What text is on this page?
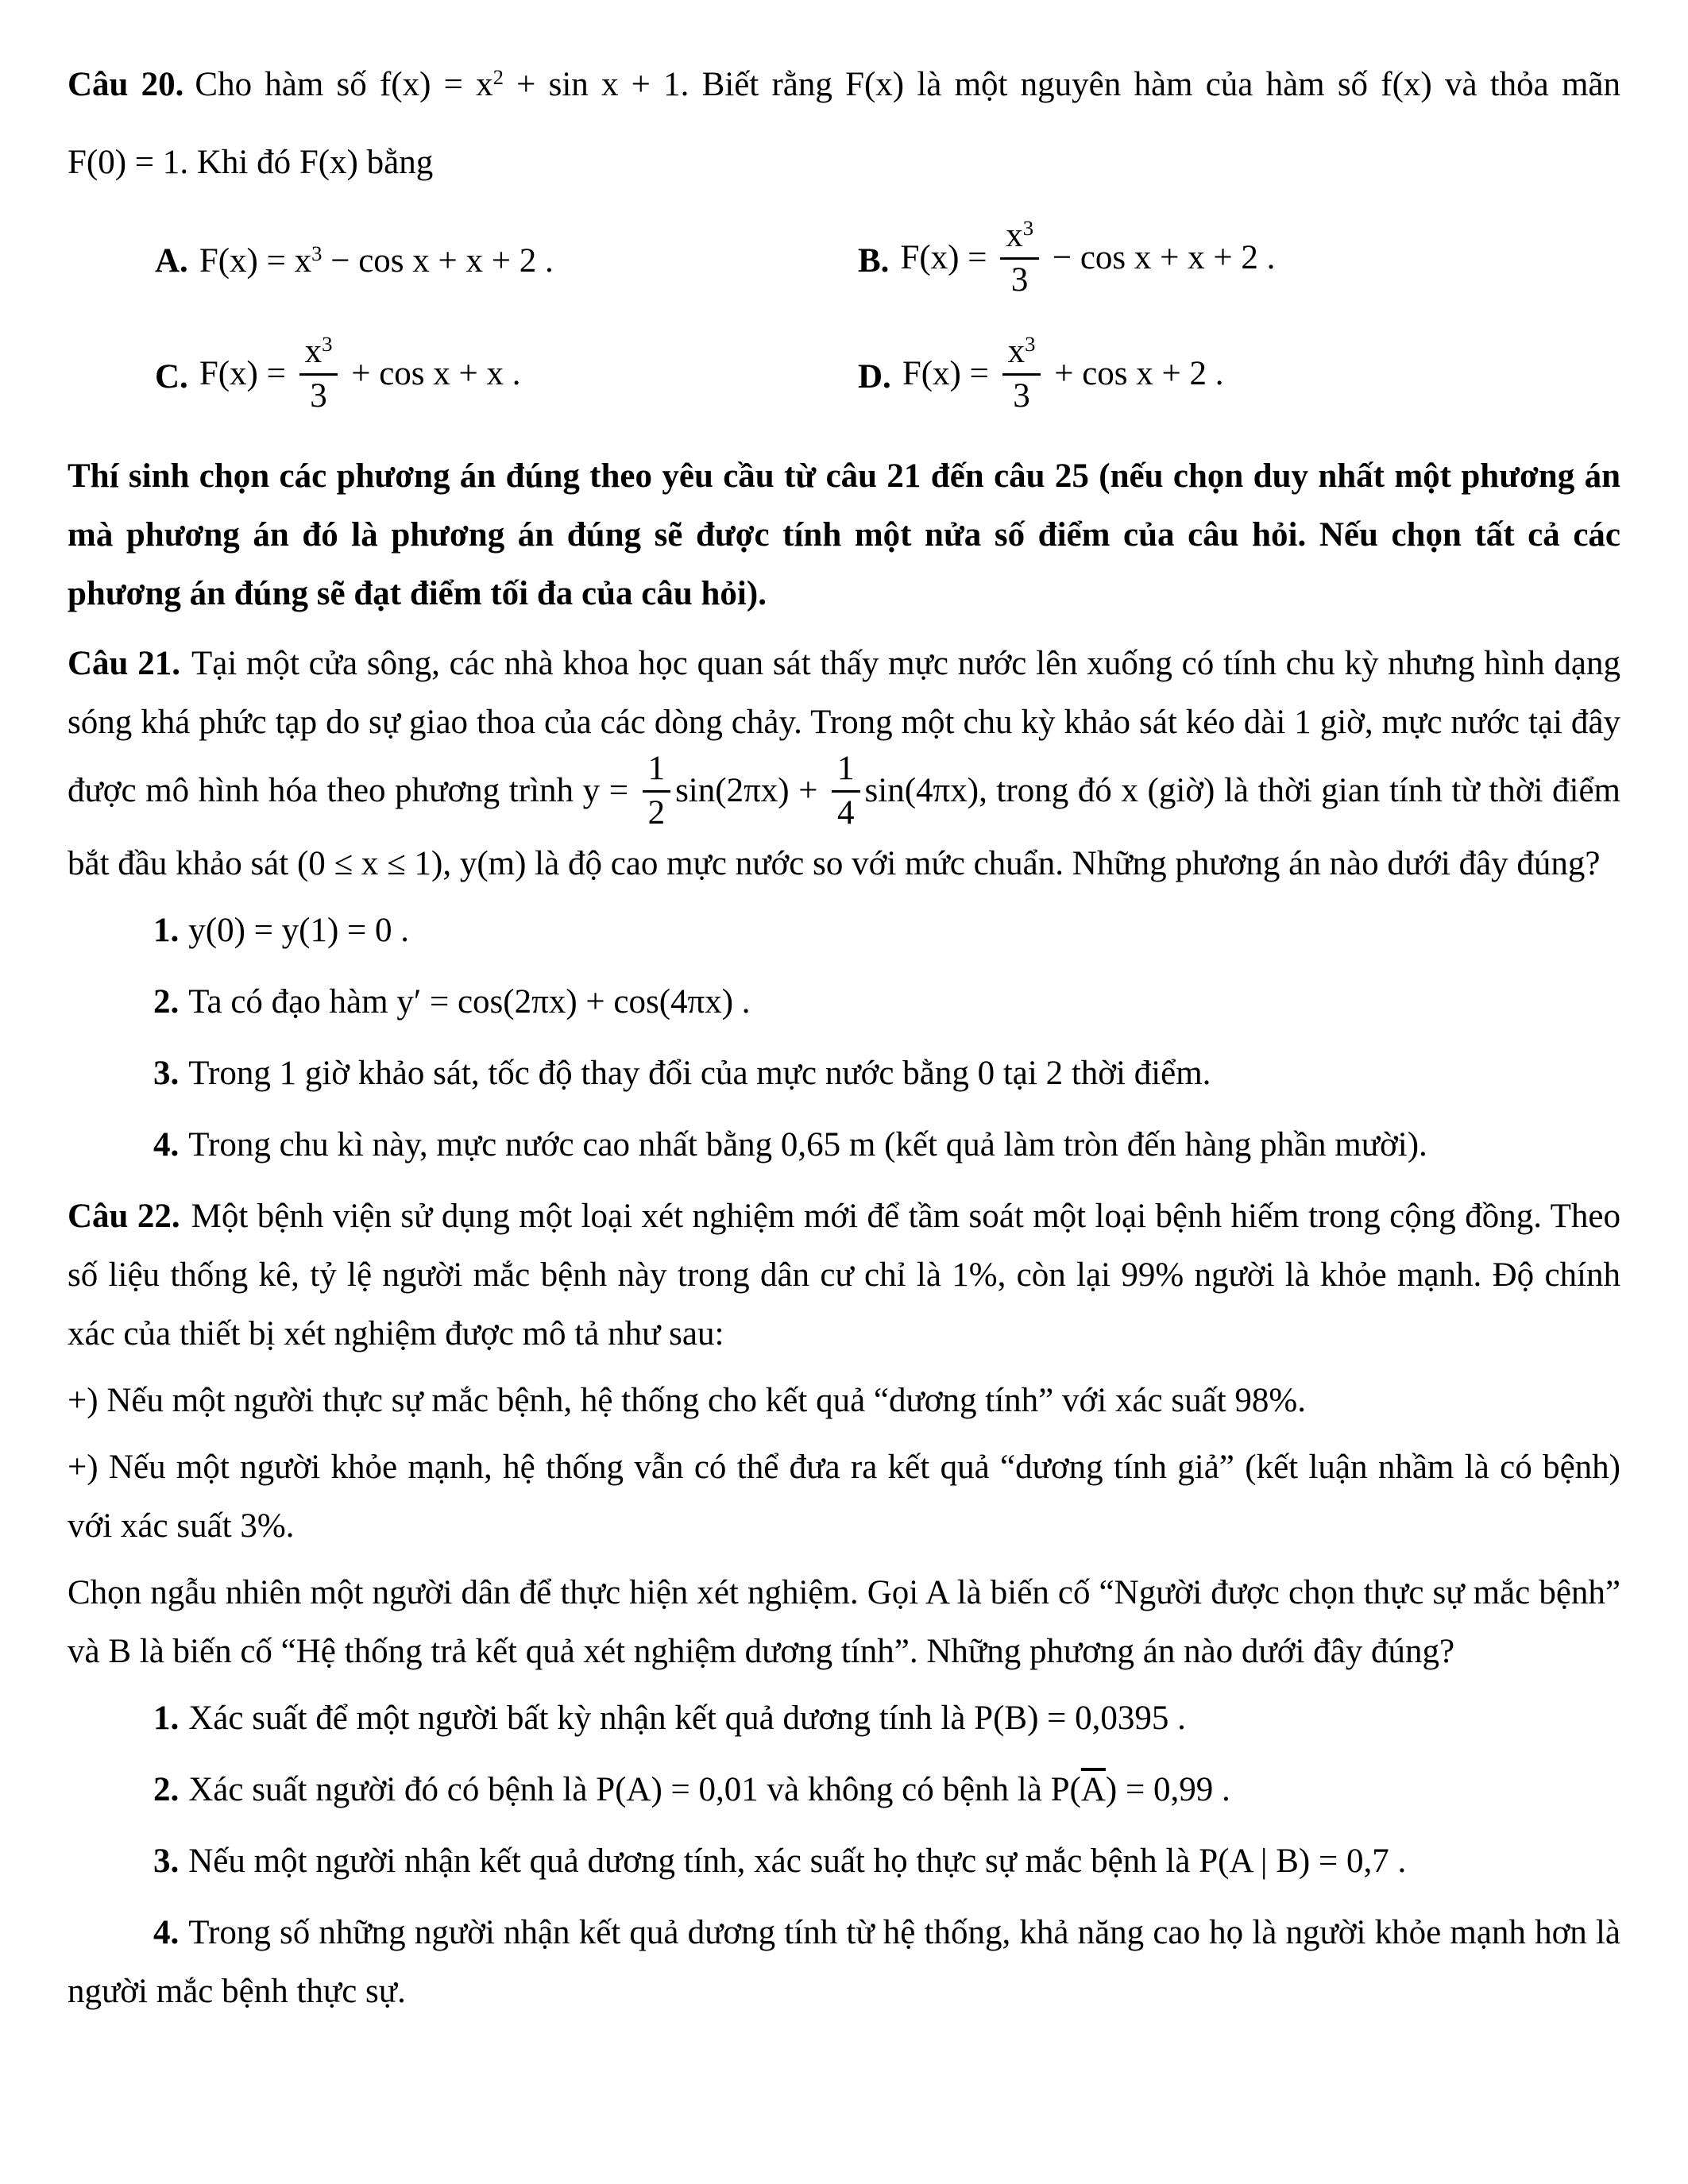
Câu 20. Cho hàm số $f(x) = x^2 + \sin x + 1$. Biết rằng F(x) là một nguyên hàm của hàm số f(x) và thỏa mãn F(0) = 1. Khi đó F(x) bằng

A. $F(x) = x^3 - \cos x + x + 2$ .	B. $F(x) = \frac{x^3}{3} - \cos x + x + 2$ .
C. $F(x) = \frac{x^3}{3} + \cos x + x$ .	D. $F(x) = \frac{x^3}{3} + \cos x + 2$ .

Thí sinh chọn các phương án đúng theo yêu cầu từ câu 21 đến câu 25 (nếu chọn duy nhất một phương án mà phương án đó là phương án đúng sẽ được tính một nửa số điểm của câu hỏi. Nếu chọn tất cả các phương án đúng sẽ đạt điểm tối đa của câu hỏi).

Câu 21. Tại một cửa sông, các nhà khoa học quan sát thấy mực nước lên xuống có tính chu kỳ nhưng hình dạng sóng khá phức tạp do sự giao thoa của các dòng chảy. Trong một chu kỳ khảo sát kéo dài 1 giờ, mực nước tại đây được mô hình hóa theo phương trình $y = \frac{1}{2} \sin(2\pi x) + \frac{1}{4} \sin(4\pi x)$, trong đó x (giờ) là thời gian tính từ thời điểm bắt đầu khảo sát (0 ≤ x ≤ 1), y(m) là độ cao mực nước so với mức chuẩn. Những phương án nào dưới đây đúng?

1. y(0) = y(1) = 0 .

2. Ta có đạo hàm y′ = cos(2πx) + cos(4πx) .

3. Trong 1 giờ khảo sát, tốc độ thay đổi của mực nước bằng 0 tại 2 thời điểm.

4. Trong chu kì này, mực nước cao nhất bằng 0,65 m (kết quả làm tròn đến hàng phần mười).

Câu 22. Một bệnh viện sử dụng một loại xét nghiệm mới để tầm soát một loại bệnh hiếm trong cộng đồng. Theo số liệu thống kê, tỷ lệ người mắc bệnh này trong dân cư chỉ là 1%, còn lại 99% người là khỏe mạnh. Độ chính xác của thiết bị xét nghiệm được mô tả như sau:

+) Nếu một người thực sự mắc bệnh, hệ thống cho kết quả “dương tính” với xác suất 98%.

+) Nếu một người khỏe mạnh, hệ thống vẫn có thể đưa ra kết quả “dương tính giả” (kết luận nhầm là có bệnh) với xác suất 3%.

Chọn ngẫu nhiên một người dân để thực hiện xét nghiệm. Gọi A là biến cố “Người được chọn thực sự mắc bệnh” và B là biến cố “Hệ thống trả kết quả xét nghiệm dương tính”. Những phương án nào dưới đây đúng?

1. Xác suất để một người bất kỳ nhận kết quả dương tính là P(B) = 0,0395 .

2. Xác suất người đó có bệnh là P(A) = 0,01 và không có bệnh là $P(\overline{A}) = 0,99$ .

3. Nếu một người nhận kết quả dương tính, xác suất họ thực sự mắc bệnh là P(A | B) = 0,7 .

4. Trong số những người nhận kết quả dương tính từ hệ thống, khả năng cao họ là người khỏe mạnh hơn là người mắc bệnh thực sự.
